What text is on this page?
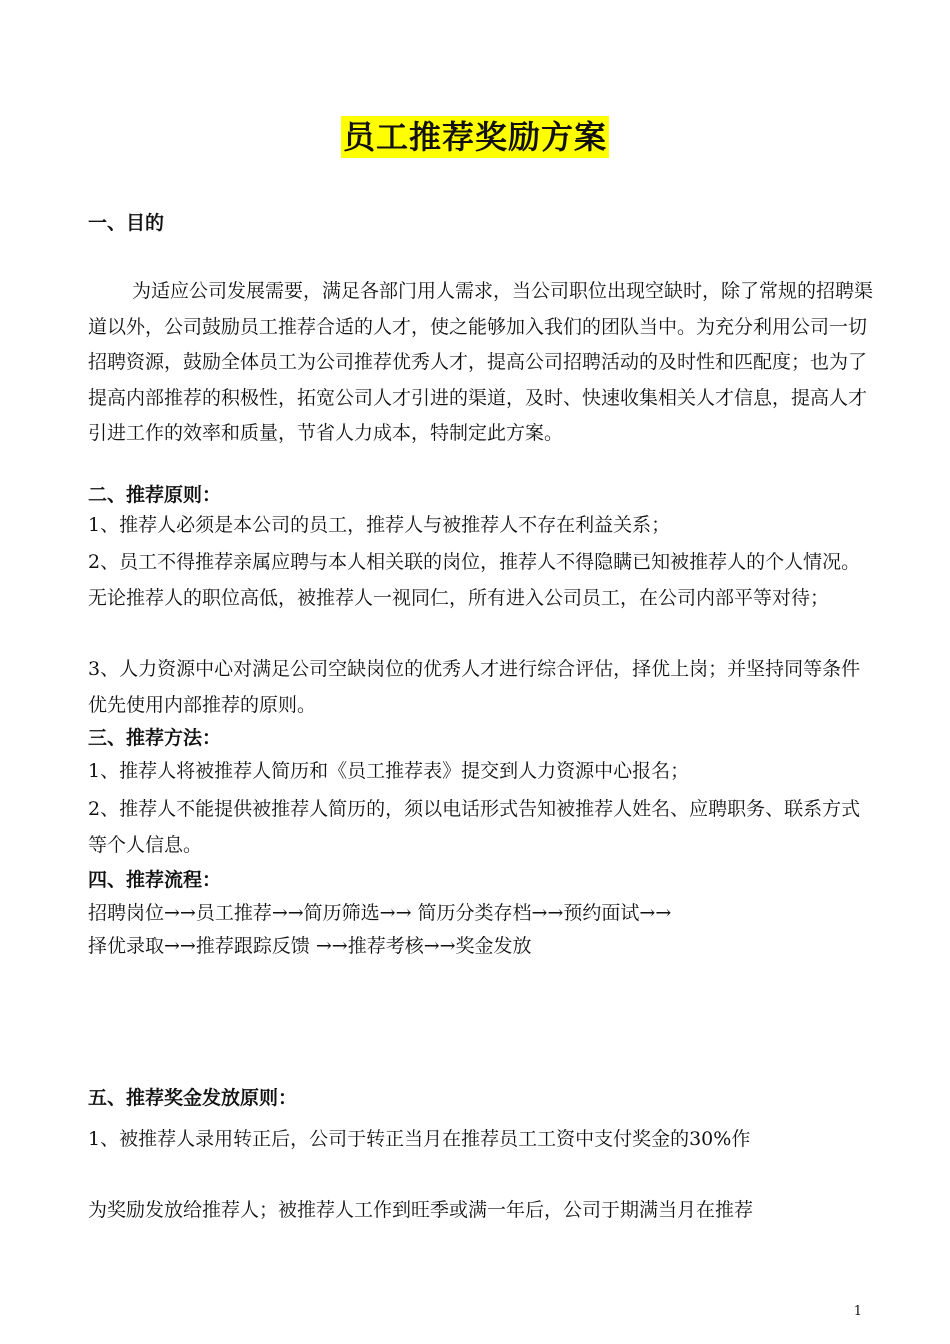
员工推荐奖励方案

一、目的

为适应公司发展需要，满足各部门用人需求，当公司职位出现空缺时，除了常规的招聘渠道以外，公司鼓励员工推荐合适的人才，使之能够加入我们的团队当中。为充分利用公司一切招聘资源，鼓励全体员工为公司推荐优秀人才，提高公司招聘活动的及时性和匹配度；也为了提高内部推荐的积极性，拓宽公司人才引进的渠道，及时、快速收集相关人才信息，提高人才引进工作的效率和质量，节省人力成本，特制定此方案。

二、推荐原则：

1、推荐人必须是本公司的员工，推荐人与被推荐人不存在利益关系；

2、员工不得推荐亲属应聘与本人相关联的岗位，推荐人不得隐瞒已知被推荐人的个人情况。无论推荐人的职位高低，被推荐人一视同仁，所有进入公司员工，在公司内部平等对待；

3、人力资源中心对满足公司空缺岗位的优秀人才进行综合评估，择优上岗；并坚持同等条件优先使用内部推荐的原则。

三、推荐方法：

1、推荐人将被推荐人简历和《员工推荐表》提交到人力资源中心报名；

2、推荐人不能提供被推荐人简历的，须以电话形式告知被推荐人姓名、应聘职务、联系方式等个人信息。

四、推荐流程：

招聘岗位→→员工推荐→→简历筛选→→ 简历分类存档→→预约面试→→

择优录取→→推荐跟踪反馈 →→推荐考核→→奖金发放

五、推荐奖金发放原则：

1、被推荐人录用转正后，公司于转正当月在推荐员工工资中支付奖金的30%作

为奖励发放给推荐人；被推荐人工作到旺季或满一年后，公司于期满当月在推荐

1
